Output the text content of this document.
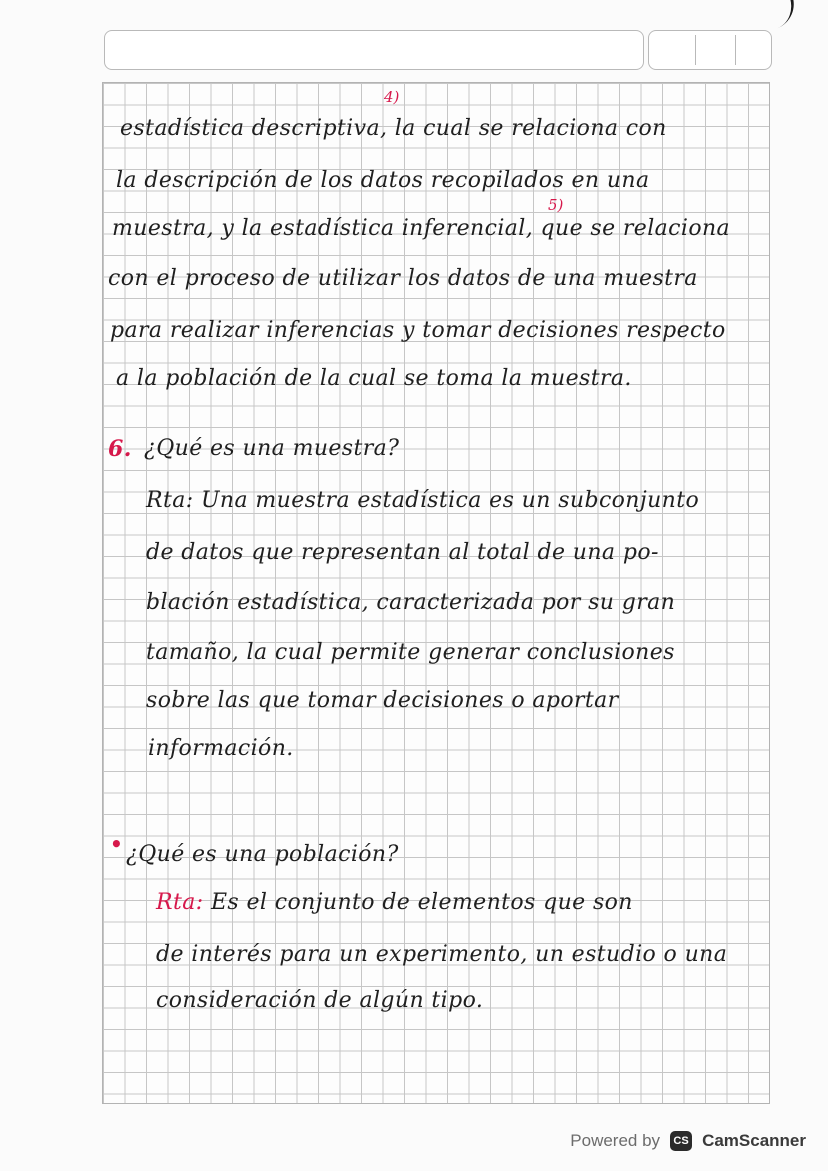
4)
estadística descriptiva, la cual se relaciona con
la descripción de los datos recopilados en una
5)
muestra, y la estadística inferencial, que se relaciona
con el proceso de utilizar los datos de una muestra
para realizar inferencias y tomar decisiones respecto
a la población de la cual se toma la muestra.
6. ¿Qué es una muestra?
Rta: Una muestra estadística es un subconjunto
de datos que representan al total de una po-
blación estadística, caracterizada por su gran
tamaño, la cual permite generar conclusiones
sobre las que tomar decisiones o aportar
información.
• ¿Qué es una población?
Rta: Es el conjunto de elementos que son
de interés para un experimento, un estudio o una
consideración de algún tipo.
Powered by	CS CamScanner
